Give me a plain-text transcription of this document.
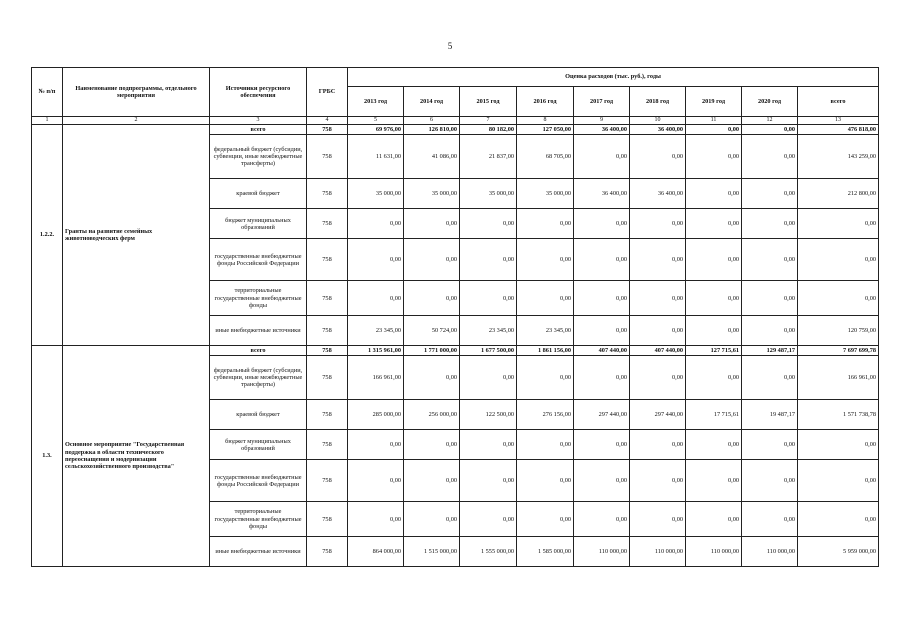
5
№ п/п	Наименование подпрограммы, отдельного мероприятия	Источники ресурсного обеспечения	ГРБС	Оценка расходов (тыс. руб.), годы								
				2013 год	2014 год	2015 год	2016 год	2017 год	2018 год	2019 год	2020 год	всего
1	2	3	4	5	6	7	8	9	10	11	12	13
1.2.2.	Гранты на развитие семейных животноводческих ферм	всего	758	69 976,00	126 810,00	80 182,00	127 050,00	36 400,00	36 400,00	0,00	0,00	476 818,00
		федеральный бюджет (субсидии, субвенции, иные межбюджетные трансферты)	758	11 631,00	41 086,00	21 837,00	68 705,00	0,00	0,00	0,00	0,00	143 259,00
		краевой бюджет	758	35 000,00	35 000,00	35 000,00	35 000,00	36 400,00	36 400,00	0,00	0,00	212 800,00
		бюджет муниципальных образований	758	0,00	0,00	0,00	0,00	0,00	0,00	0,00	0,00	0,00
		государственные внебюджетные фонды Российской Федерации	758	0,00	0,00	0,00	0,00	0,00	0,00	0,00	0,00	0,00
		территориальные государственные внебюджетные фонды	758	0,00	0,00	0,00	0,00	0,00	0,00	0,00	0,00	0,00
		иные внебюджетные источники	758	23 345,00	50 724,00	23 345,00	23 345,00	0,00	0,00	0,00	0,00	120 759,00
1.3.	Основное мероприятие "Государственная поддержка в области технического переоснащения и модернизации сельскохозяйственного производства"	всего	758	1 315 961,00	1 771 000,00	1 677 500,00	1 861 156,00	407 440,00	407 440,00	127 715,61	129 487,17	7 697 699,78
		федеральный бюджет (субсидии, субвенции, иные межбюджетные трансферты)	758	166 961,00	0,00	0,00	0,00	0,00	0,00	0,00	0,00	166 961,00
		краевой бюджет	758	285 000,00	256 000,00	122 500,00	276 156,00	297 440,00	297 440,00	17 715,61	19 487,17	1 571 738,78
		бюджет муниципальных образований	758	0,00	0,00	0,00	0,00	0,00	0,00	0,00	0,00	0,00
		государственные внебюджетные фонды Российской Федерации	758	0,00	0,00	0,00	0,00	0,00	0,00	0,00	0,00	0,00
		территориальные государственные внебюджетные фонды	758	0,00	0,00	0,00	0,00	0,00	0,00	0,00	0,00	0,00
		иные внебюджетные источники	758	864 000,00	1 515 000,00	1 555 000,00	1 585 000,00	110 000,00	110 000,00	110 000,00	110 000,00	5 959 000,00
